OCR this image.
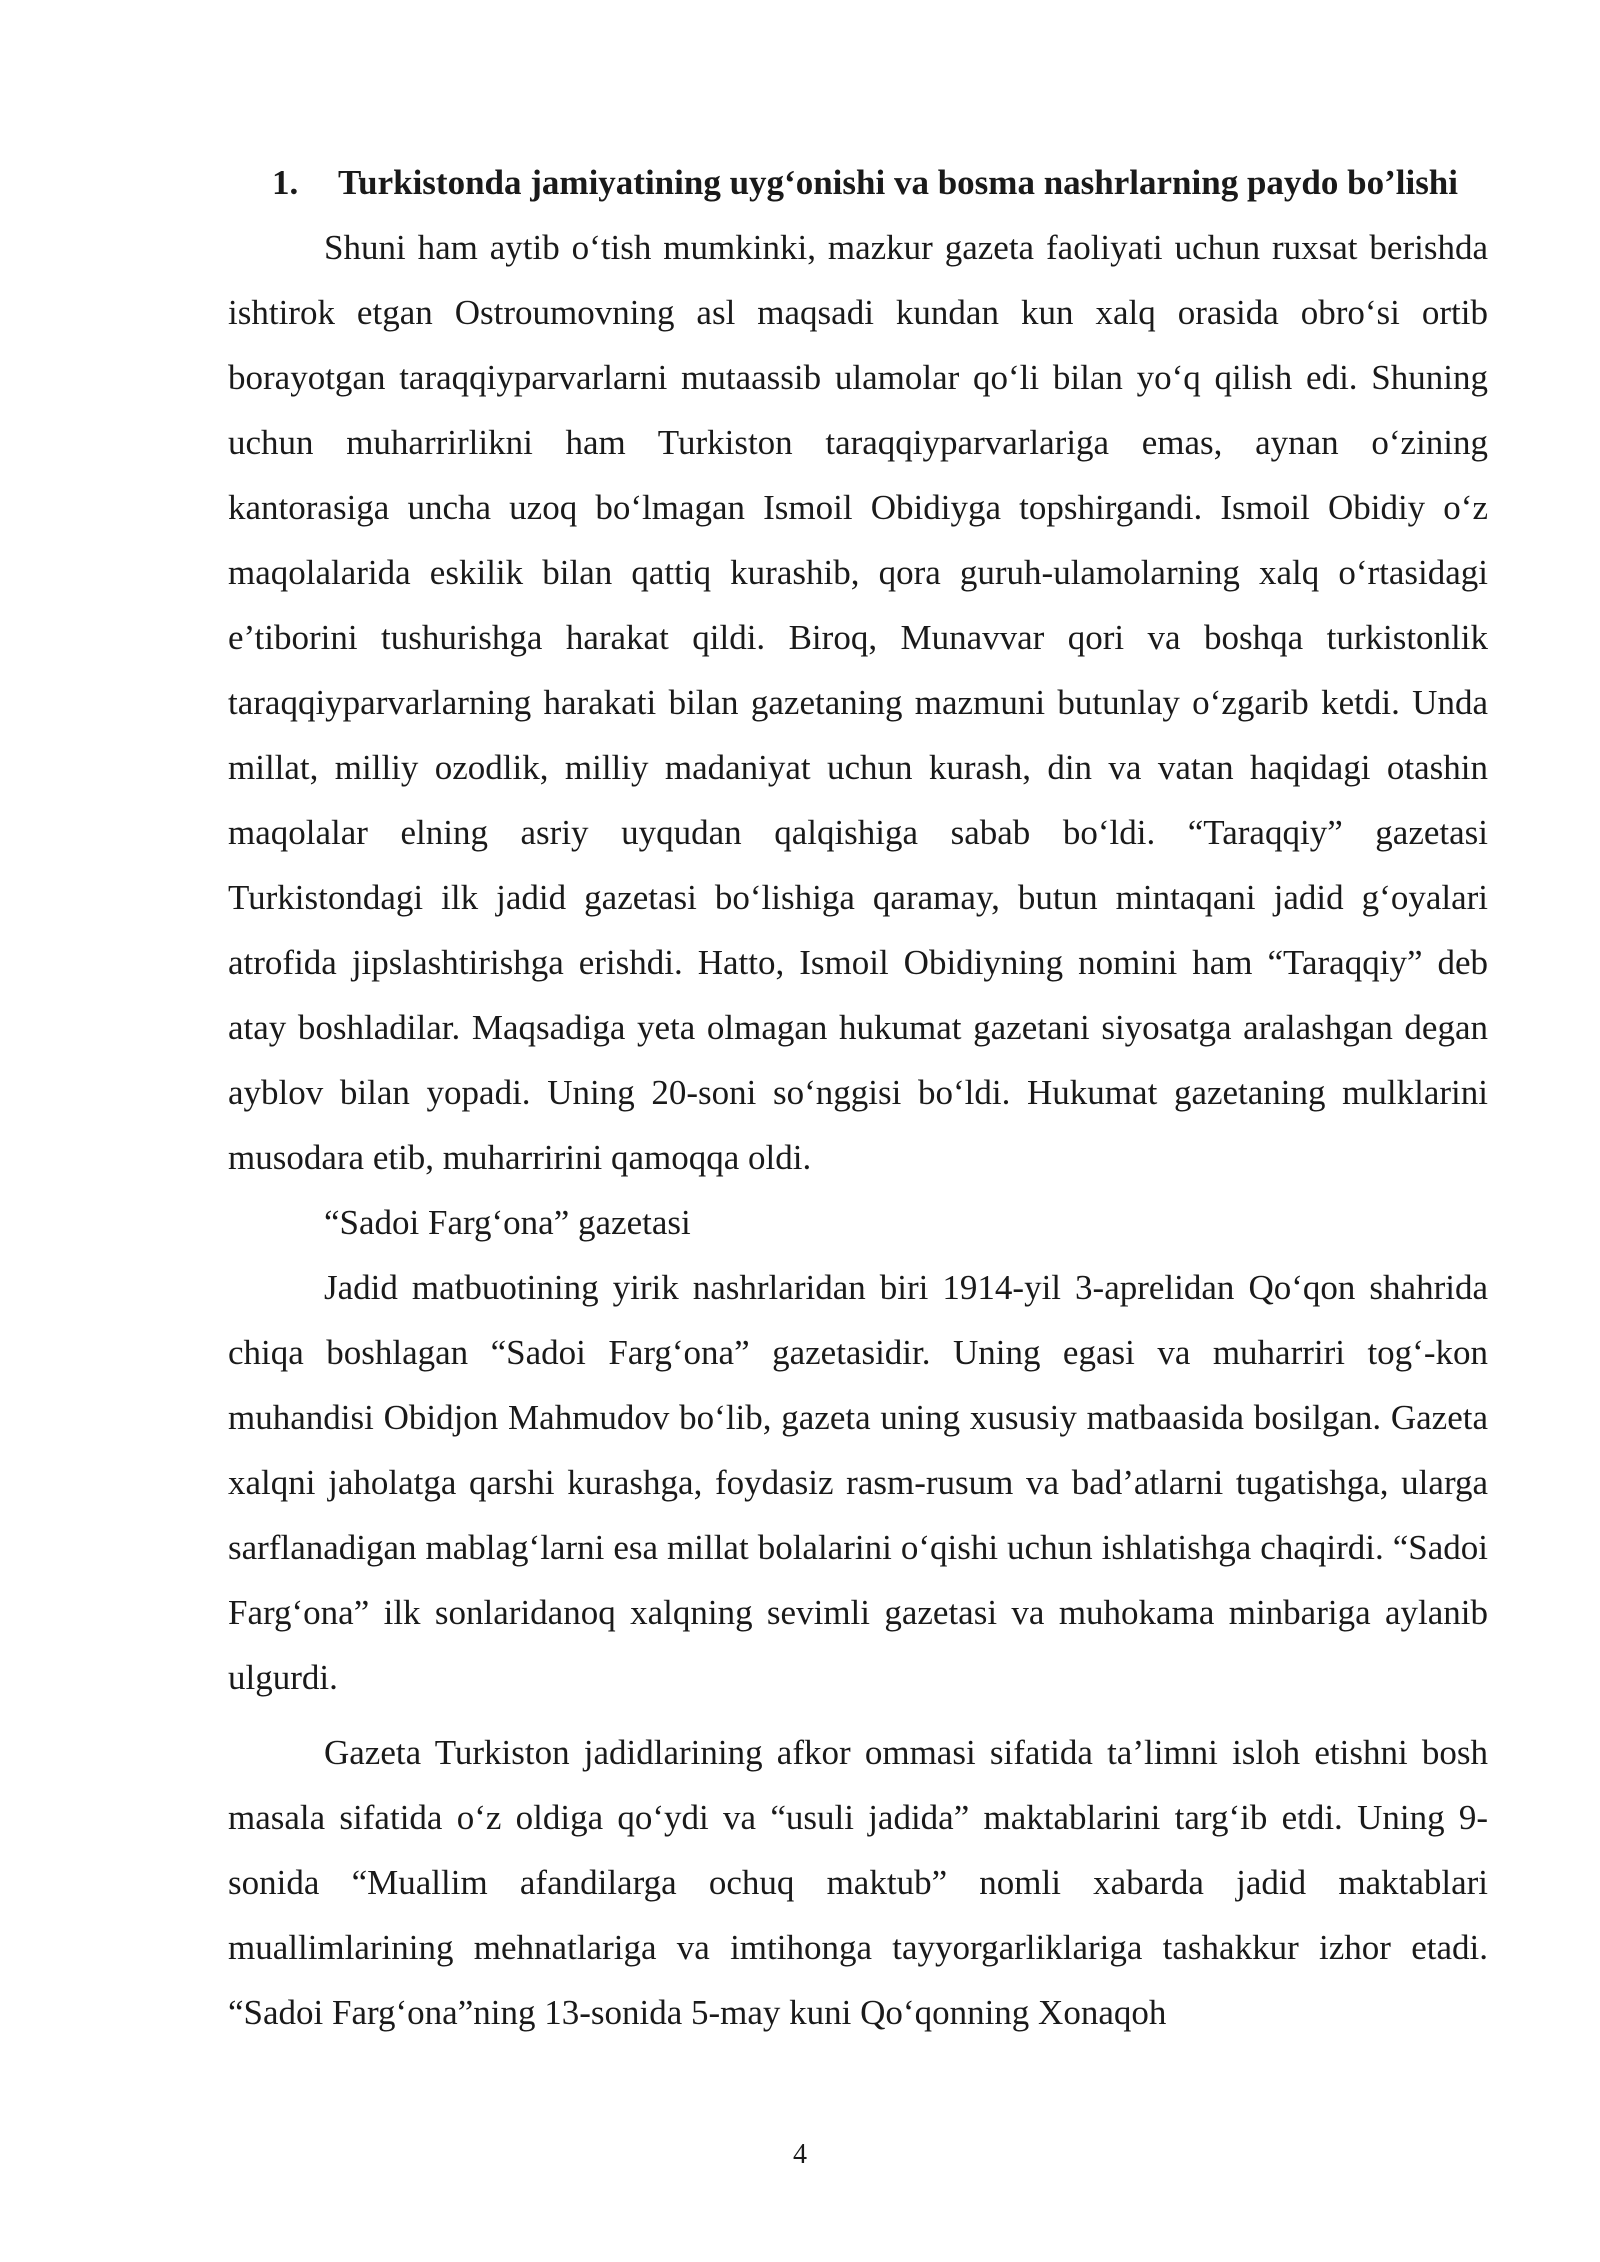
1.	Turkistonda jamiyatining uyg‘onishi va bosma nashrlarning paydo bo’lishi

Shuni ham aytib o‘tish mumkinki, mazkur gazeta faoliyati uchun ruxsat berishda ishtirok etgan Ostroumovning asl maqsadi kundan kun xalq orasida obro‘si ortib borayotgan taraqqiyparvarlarni mutaassib ulamolar qo‘li bilan yo‘q qilish edi. Shuning uchun muharrirlikni ham Turkiston taraqqiyparvarlariga emas, aynan o‘zining kantorasiga uncha uzoq bo‘lmagan Ismoil Obidiyga topshirgandi. Ismoil Obidiy o‘z maqolalarida eskilik bilan qattiq kurashib, qora guruh-ulamolarning xalq o‘rtasidagi e’tiborini tushurishga harakat qildi. Biroq, Munavvar qori va boshqa turkistonlik taraqqiyparvarlarning harakati bilan gazetaning mazmuni butunlay o‘zgarib ketdi. Unda millat, milliy ozodlik, milliy madaniyat uchun kurash, din va vatan haqidagi otashin maqolalar elning asriy uyqudan qalqishiga sabab bo‘ldi. “Taraqqiy” gazetasi Turkistondagi ilk jadid gazetasi bo‘lishiga qaramay, butun mintaqani jadid g‘oyalari atrofida jipslashtirishga erishdi. Hatto, Ismoil Obidiyning nomini ham “Taraqqiy” deb atay boshladilar. Maqsadiga yeta olmagan hukumat gazetani siyosatga aralashgan degan ayblov bilan yopadi. Uning 20-soni so‘nggisi bo‘ldi. Hukumat gazetaning mulklarini musodara etib, muharririni qamoqqa oldi.

“Sadoi Farg‘ona” gazetasi

Jadid matbuotining yirik nashrlaridan biri 1914-yil 3-aprelidan Qo‘qon shahrida chiqa boshlagan “Sadoi Farg‘ona” gazetasidir. Uning egasi va muharriri tog‘-kon muhandisi Obidjon Mahmudov bo‘lib, gazeta uning xususiy matbaasida bosilgan. Gazeta xalqni jaholatga qarshi kurashga, foydasiz rasm-rusum va bad’atlarni tugatishga, ularga sarflanadigan mablag‘larni esa millat bolalarini o‘qishi uchun ishlatishga chaqirdi. “Sadoi Farg‘ona” ilk sonlaridanoq xalqning sevimli gazetasi va muhokama minbariga aylanib ulgurdi.

Gazeta Turkiston jadidlarining afkor ommasi sifatida ta’limni isloh etishni bosh masala sifatida o‘z oldiga qo‘ydi va “usuli jadida” maktablarini targ‘ib etdi. Uning 9-sonida “Muallim afandilarga ochuq maktub” nomli xabarda jadid maktablari muallimlarining mehnatlariga va imtihonga tayyorgarliklariga tashakkur izhor etadi. “Sadoi Farg‘ona”ning 13-sonida 5-may kuni Qo‘qonning Xonaqoh

4
